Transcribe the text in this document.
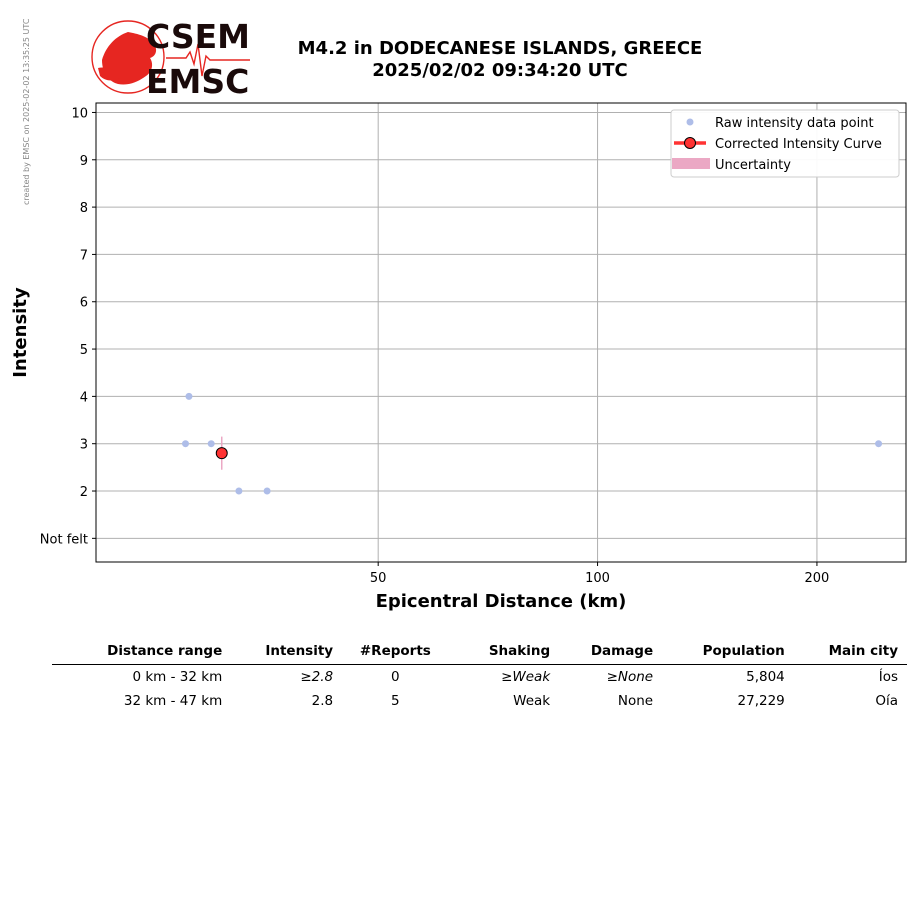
created by EMSC on 2025-02-02 13:35:25 UTC	CSEM
EMSC
M4.2 in DODECANESE ISLANDS, GREECE
2025/02/02 09:34:20 UTC
Not felt
2
3
4
5
6
7
8
9
10
50	100	200
Epicentral Distance (km)
Intensity
Raw intensity data point
Corrected Intensity Curve
Uncertainty
Distance range	Intensity	#Reports	Shaking	Damage	Population	Main city
0 km - 32 km	≥2.8	0	≥Weak	≥None	5,804	Íos
32 km - 47 km	2.8	5	Weak	None	27,229	Oía
